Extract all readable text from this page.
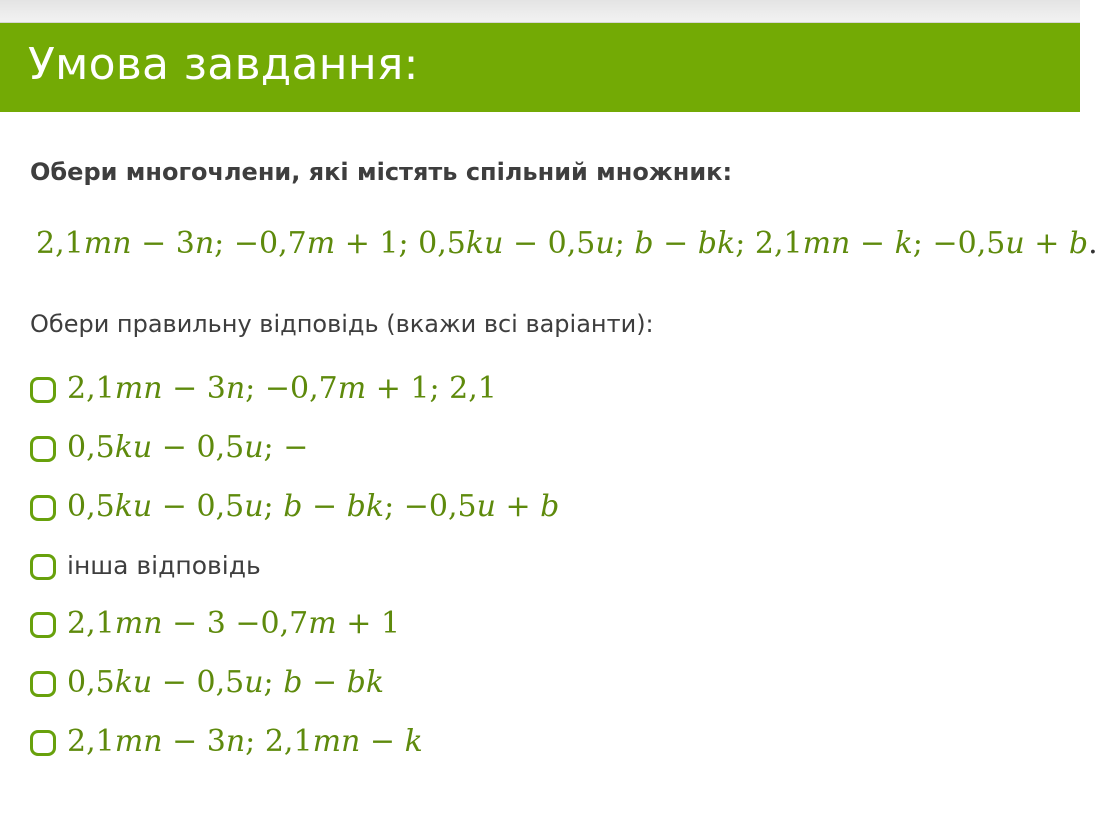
Умова завдання:
Обери многочлени, які містять спільний множник:
2,1mn − 3n; −0,7m + 1; 0,5ku − 0,5u; b − bk; 2,1mn − k; −0,5u + b.
Обери правильну відповідь (вкажи всі варіанти):
2,1mn − 3n; −0,7m + 1; 2,1
0,5ku − 0,5u; −
0,5ku − 0,5u; b − bk; −0,5u + b
інша відповідь
2,1mn − 3 −0,7m + 1
0,5ku − 0,5u; b − bk
2,1mn − 3n; 2,1mn − k
